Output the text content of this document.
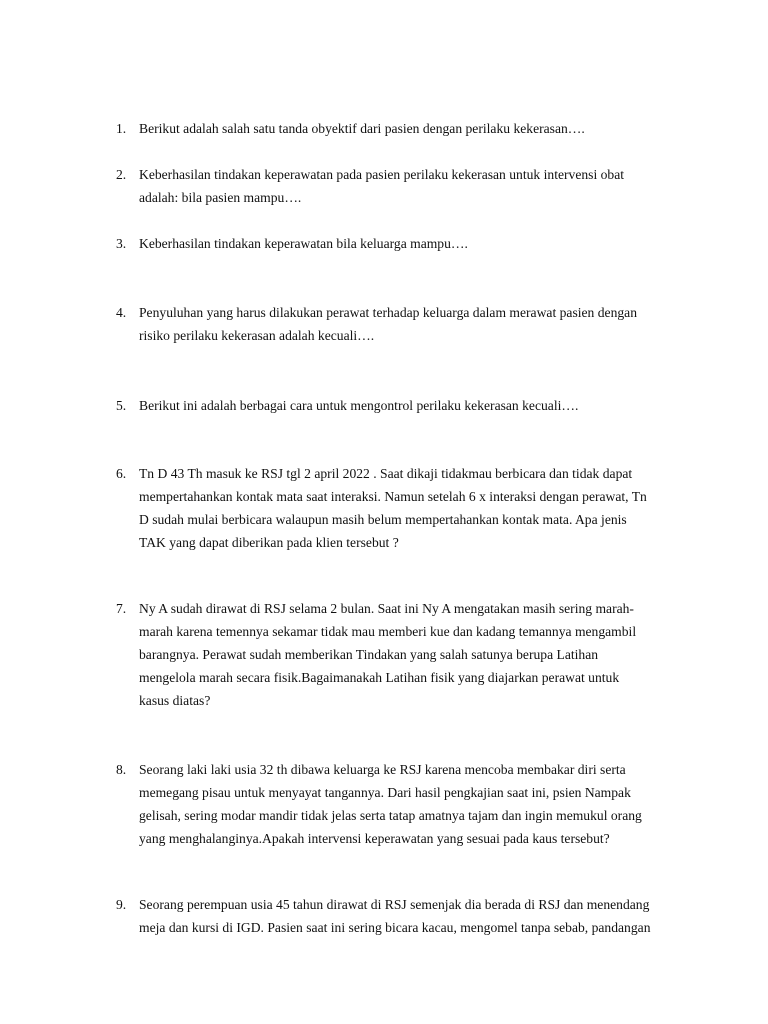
1. Berikut adalah salah satu tanda obyektif dari pasien dengan perilaku kekerasan….
2. Keberhasilan tindakan keperawatan pada pasien perilaku kekerasan untuk intervensi obat
adalah: bila pasien mampu….
3. Keberhasilan tindakan keperawatan bila keluarga mampu….
4. Penyuluhan yang harus dilakukan perawat terhadap keluarga dalam merawat pasien dengan
risiko perilaku kekerasan adalah kecuali….
5. Berikut ini adalah berbagai cara untuk mengontrol perilaku kekerasan kecuali….
6. Tn D 43 Th masuk ke RSJ tgl 2 april 2022 . Saat dikaji tidakmau berbicara dan tidak dapat
mempertahankan kontak mata saat interaksi. Namun setelah 6 x interaksi dengan perawat, Tn
D sudah mulai berbicara walaupun masih belum mempertahankan kontak mata. Apa jenis
TAK yang dapat diberikan pada klien tersebut ?
7. Ny A sudah dirawat di RSJ selama 2 bulan. Saat ini Ny A mengatakan masih sering marah-
marah karena temennya sekamar tidak mau memberi kue dan kadang temannya mengambil
barangnya. Perawat sudah memberikan Tindakan yang salah satunya berupa Latihan
mengelola marah secara fisik.Bagaimanakah Latihan fisik yang diajarkan perawat untuk
kasus diatas?
8. Seorang laki laki usia 32 th dibawa keluarga ke RSJ karena mencoba membakar diri serta
memegang pisau untuk menyayat tangannya. Dari hasil pengkajian saat ini, psien Nampak
gelisah, sering modar mandir tidak jelas serta tatap amatnya tajam dan ingin memukul orang
yang menghalanginya.Apakah intervensi keperawatan yang sesuai pada kaus tersebut?
9. Seorang perempuan usia 45 tahun dirawat di RSJ semenjak dia berada di RSJ dan menendang
meja dan kursi di IGD. Pasien saat ini sering bicara kacau, mengomel tanpa sebab, pandangan
